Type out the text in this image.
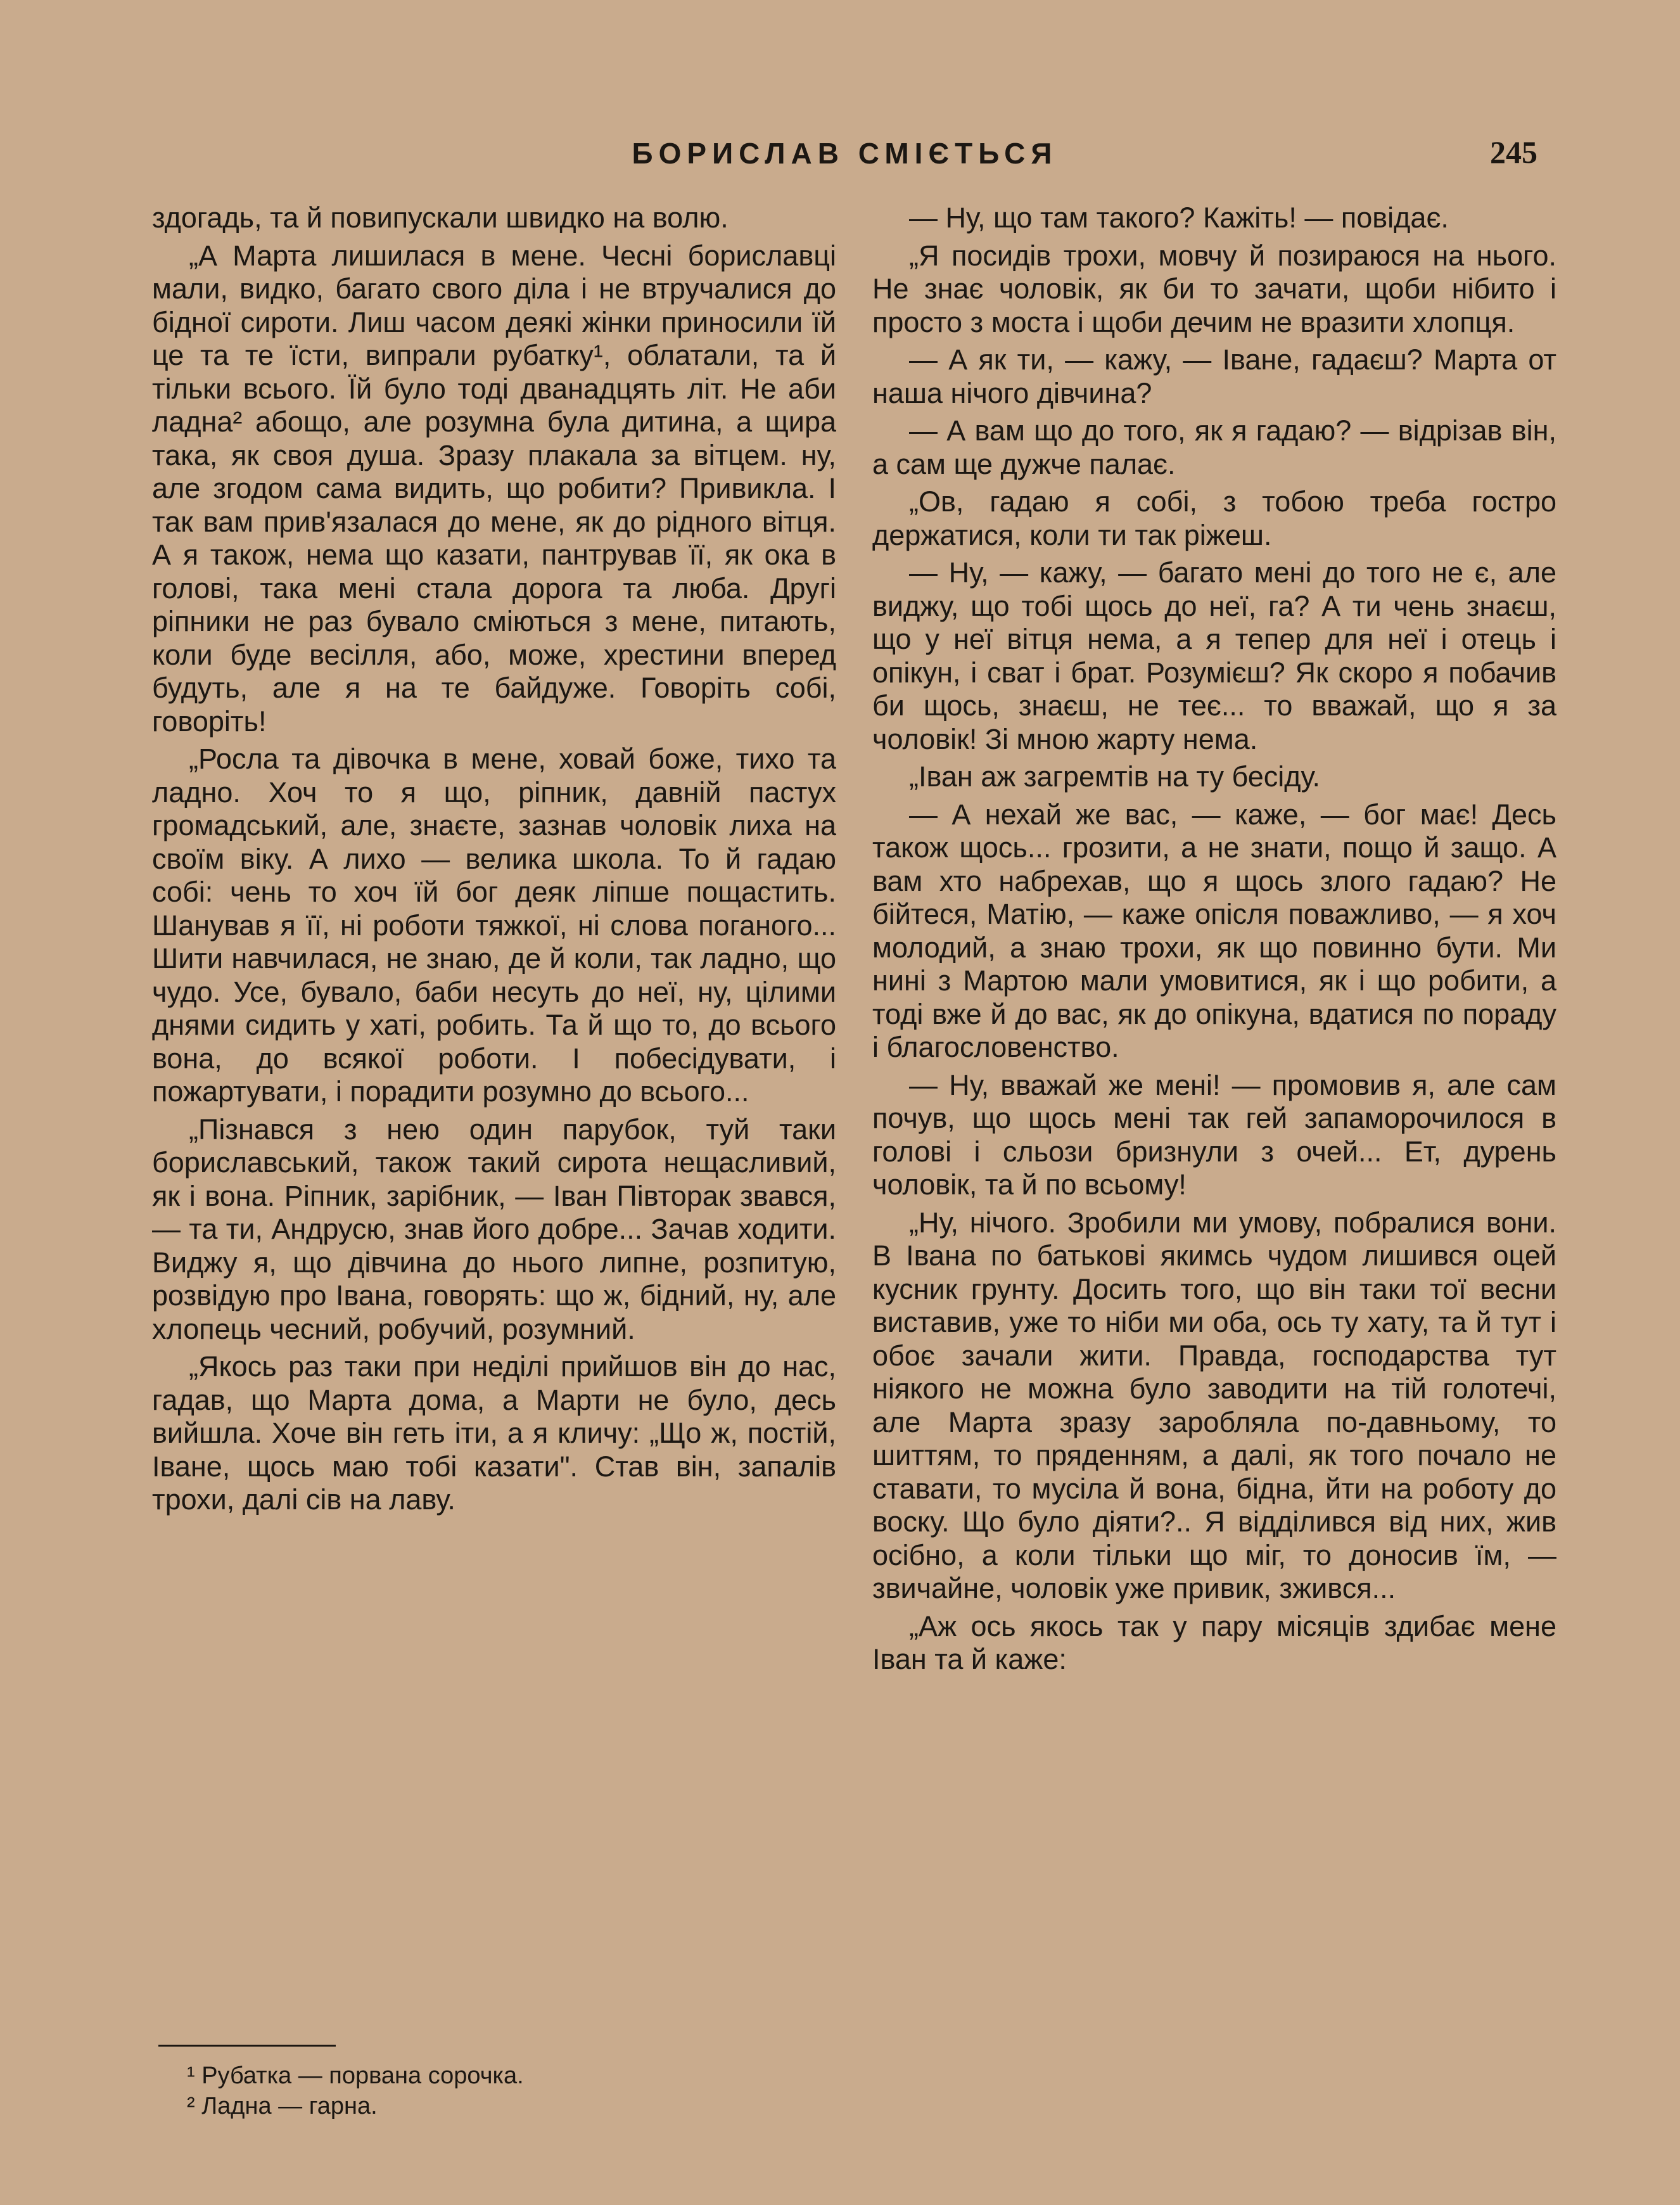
БОРИСЛАВ СМІЄТЬСЯ	245

здогадь, та й повипускали швидко на волю.

„А Марта лишилася в мене. Чесні бориславці мали, видко, багато свого діла і не втручалися до бідної сироти. Лиш часом деякі жінки приносили їй це та те їсти, випрали рубатку¹, облатали, та й тільки всього. Їй було тоді дванадцять літ. Не аби ладна² абощо, але розумна була дитина, а щира така, як своя душа. Зразу плакала за вітцем. ну, але згодом сама видить, що робити? Привикла. І так вам прив'язалася до мене, як до рідного вітця. А я також, нема що казати, пантрував її, як ока в голові, така мені стала дорога та люба. Другі ріпники не раз бувало сміються з мене, питають, коли буде весілля, або, може, хрестини вперед будуть, але я на те байдуже. Говоріть собі, говоріть!

„Росла та дівочка в мене, ховай боже, тихо та ладно. Хоч то я що, ріпник, давній пастух громадський, але, знаєте, зазнав чоловік лиха на своїм віку. А лихо — велика школа. То й гадаю собі: чень то хоч їй бог деяк ліпше пощастить. Шанував я її, ні роботи тяжкої, ні слова поганого... Шити навчилася, не знаю, де й коли, так ладно, що чудо. Усе, бувало, баби несуть до неї, ну, цілими днями сидить у хаті, робить. Та й що то, до всього вона, до всякої роботи. І побесідувати, і пожартувати, і порадити розумно до всього...

„Пізнався з нею один парубок, туй таки бориславський, також такий сирота нещасливий, як і вона. Ріпник, зарібник, — Іван Півторак звався, — та ти, Андрусю, знав його добре... Зачав ходити. Виджу я, що дівчина до нього липне, розпитую, розвідую про Івана, говорять: що ж, бідний, ну, але хлопець чесний, робучий, розумний.

„Якось раз таки при неділі прийшов він до нас, гадав, що Марта дома, а Марти не було, десь вийшла. Хоче він геть іти, а я кличу: „Що ж, постій, Іване, щось маю тобі казати". Став він, запалів трохи, далі сів на лаву.

— Ну, що там такого? Кажіть! — повідає.

„Я посидів трохи, мовчу й позираюся на нього. Не знає чоловік, як би то зачати, щоби нібито і просто з моста і щоби дечим не вразити хлопця.

— А як ти, — кажу, — Іване, гадаєш? Марта от наша нічого дівчина?

— А вам що до того, як я гадаю? — відрізав він, а сам ще дужче палає.

„Ов, гадаю я собі, з тобою треба гостро держатися, коли ти так ріжеш.

— Ну, — кажу, — багато мені до того не є, але виджу, що тобі щось до неї, га? А ти чень знаєш, що у неї вітця нема, а я тепер для неї і отець і опікун, і сват і брат. Розумієш? Як скоро я побачив би щось, знаєш, не теє... то вважай, що я за чоловік! Зі мною жарту нема.

„Іван аж загремтів на ту бесіду.

— А нехай же вас, — каже, — бог має! Десь також щось... грозити, а не знати, пощо й защо. А вам хто набрехав, що я щось злого гадаю? Не бійтеся, Матію, — каже опісля поважливо, — я хоч молодий, а знаю трохи, як що повинно бути. Ми нині з Мартою мали умовитися, як і що робити, а тоді вже й до вас, як до опікуна, вдатися по пораду і благословенство.

— Ну, вважай же мені! — промовив я, але сам почув, що щось мені так гей запаморочилося в голові і сльози бризнули з очей... Ет, дурень чоловік, та й по всьому!

„Ну, нічого. Зробили ми умову, побралися вони. В Івана по батькові якимсь чудом лишився оцей кусник грунту. Досить того, що він таки тої весни виставив, уже то ніби ми оба, ось ту хату, та й тут і обоє зачали жити. Правда, господарства тут ніякого не можна було заводити на тій голотечі, але Марта зразу заробляла по-давньому, то шиттям, то пряденням, а далі, як того почало не ставати, то мусіла й вона, бідна, йти на роботу до воску. Що було діяти?.. Я відділився від них, жив осібно, а коли тільки що міг, то доносив їм, — звичайне, чоловік уже привик, зжився...

„Аж ось якось так у пару місяців здибає мене Іван та й каже:

¹ Рубатка — порвана сорочка.

² Ладна — гарна.
